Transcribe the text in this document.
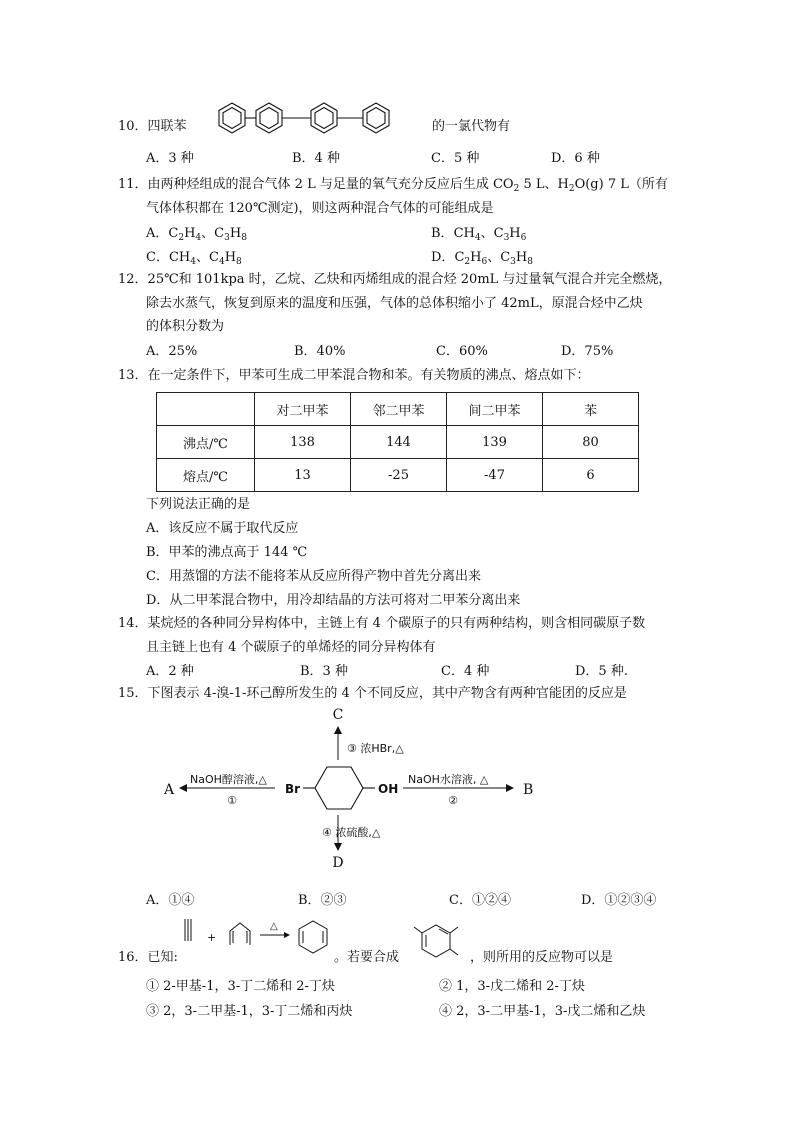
10．四联苯	的一氯代物有
A．3 种	B．4 种	C．5 种	D．6 种
11．由两种烃组成的混合气体 2 L 与足量的氧气充分反应后生成 $CO_2$ 5 L、$H_2O(g)$ 7 L（所有
气体体积都在 120℃测定)，则这两种混合气体的可能组成是
A．$C_2H_4$、$C_3H_8$	B．$CH_4$、$C_3H_6$
C．$CH_4$、$C_4H_8$	D．$C_2H_6$、$C_3H_8$
12．25℃和 101kpa 时，乙烷、乙炔和丙烯组成的混合烃 20mL 与过量氧气混合并完全燃烧，
除去水蒸气，恢复到原来的温度和压强，气体的总体积缩小了 42mL，原混合烃中乙炔
的体积分数为
A．25%	B．40%	C．60%	D．75%
13．在一定条件下，甲苯可生成二甲苯混合物和苯。有关物质的沸点、熔点如下：
	对二甲苯	邻二甲苯	间二甲苯	苯
沸点/℃	138	144	139	80
熔点/℃	13	-25	-47	6
下列说法正确的是
A．该反应不属于取代反应
B．甲苯的沸点高于 144 ℃
C．用蒸馏的方法不能将苯从反应所得产物中首先分离出来
D．从二甲苯混合物中，用冷却结晶的方法可将对二甲苯分离出来
14．某烷烃的各种同分异构体中，主链上有 4 个碳原子的只有两种结构，则含相同碳原子数
且主链上也有 4 个碳原子的单烯烃的同分异构体有
A．2 种	B．3 种	C．4 种	D．5 种.
15．下图表示 4-溴-1-环己醇所发生的 4 个不同反应，其中产物含有两种官能团的反应是
C
③ 浓HBr,△
Br	OH
A
NaOH醇溶液,△
①
NaOH水溶液, △
②
B
④ 浓硫酸,△
D
A．①④	B．②③	C．①②④	D．①②③④
16．已知:
+
△
。若要合成	，则所用的反应物可以是
① 2-甲基-1，3-丁二烯和 2-丁炔	② 1，3-戊二烯和 2-丁炔
③ 2，3-二甲基-1，3-丁二烯和丙炔	④ 2，3-二甲基-1，3-戊二烯和乙炔
